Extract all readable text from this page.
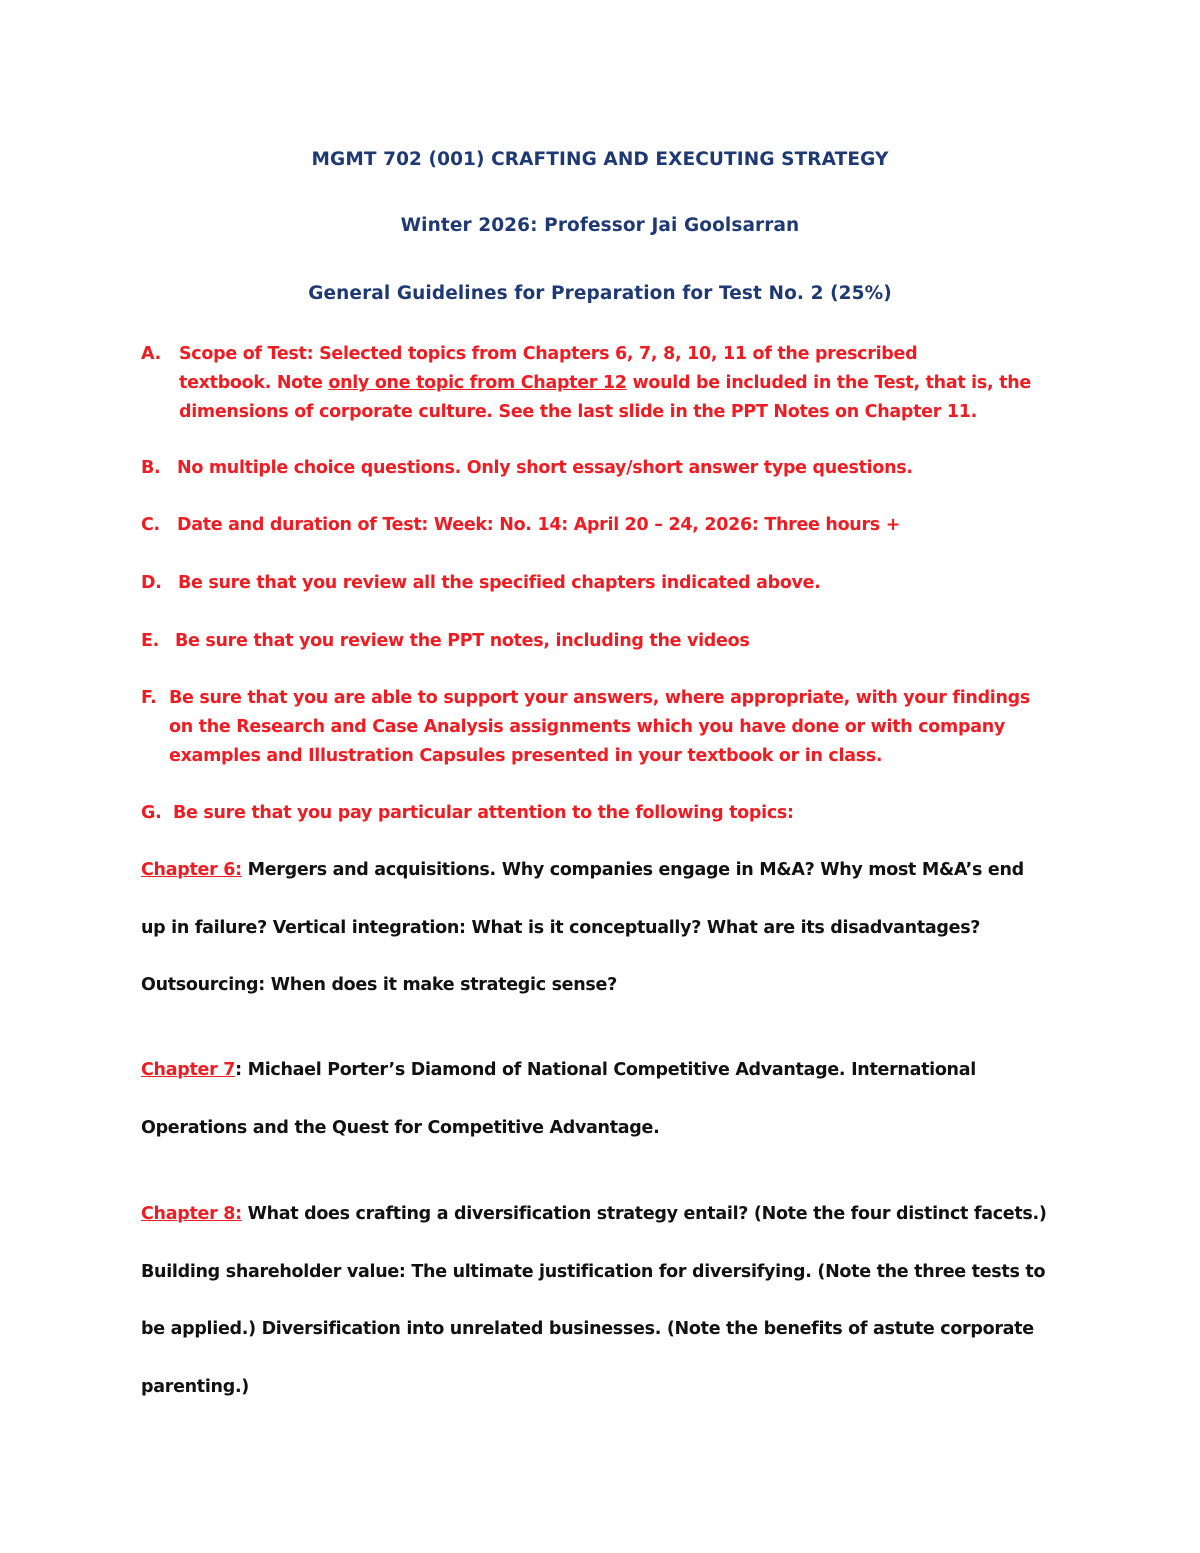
MGMT 702 (001) CRAFTING AND EXECUTING STRATEGY
Winter 2026: Professor Jai Goolsarran
General Guidelines for Preparation for Test No. 2 (25%)
A. Scope of Test: Selected topics from Chapters 6, 7, 8, 10, 11 of the prescribed
textbook. Note only one topic from Chapter 12 would be included in the Test, that is, the
dimensions of corporate culture. See the last slide in the PPT Notes on Chapter 11.
B. No multiple choice questions. Only short essay/short answer type questions.
C. Date and duration of Test: Week: No. 14: April 20 – 24, 2026: Three hours +
D. Be sure that you review all the specified chapters indicated above.
E. Be sure that you review the PPT notes, including the videos
F. Be sure that you are able to support your answers, where appropriate, with your findings
on the Research and Case Analysis assignments which you have done or with company
examples and Illustration Capsules presented in your textbook or in class.
G. Be sure that you pay particular attention to the following topics:
Chapter 6: Mergers and acquisitions. Why companies engage in M&A? Why most M&A’s end
up in failure? Vertical integration: What is it conceptually? What are its disadvantages?
Outsourcing: When does it make strategic sense?
Chapter 7: Michael Porter’s Diamond of National Competitive Advantage. International
Operations and the Quest for Competitive Advantage.
Chapter 8: What does crafting a diversification strategy entail? (Note the four distinct facets.)
Building shareholder value: The ultimate justification for diversifying. (Note the three tests to
be applied.) Diversification into unrelated businesses. (Note the benefits of astute corporate
parenting.)
